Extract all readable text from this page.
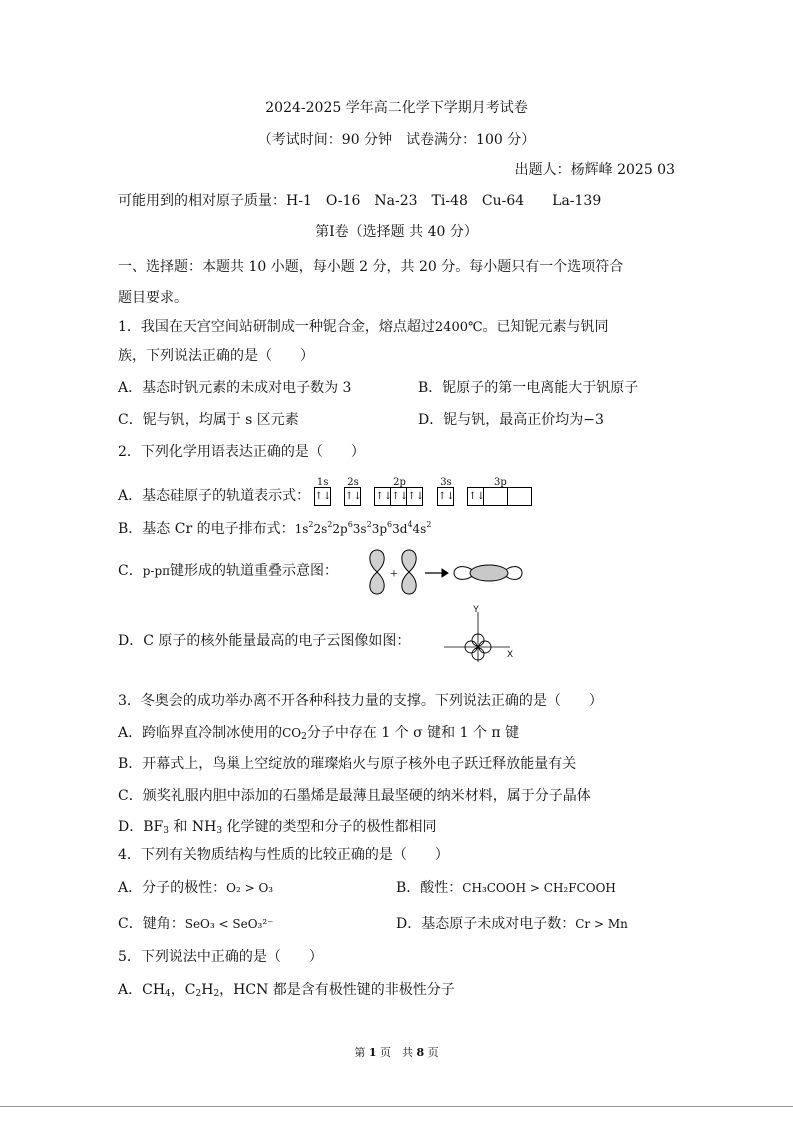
2024-2025 学年高二化学下学期月考试卷
（考试时间：90 分钟　试卷满分：100 分）
出题人：杨辉峰 2025 03
可能用到的相对原子质量：H-1　O-16　Na-23　Ti-48　Cu-64　　La-139
第Ⅰ卷（选择题 共 40 分）
一、选择题：本题共 10 小题，每小题 2 分，共 20 分。每小题只有一个选项符合
题目要求。
1．我国在天宫空间站研制成一种铌合金，熔点超过2400℃。已知铌元素与钒同
族，下列说法正确的是（　　）
A．基态时钒元素的未成对电子数为 3	B．铌原子的第一电离能大于钒原子
C．铌与钒，均属于 s 区元素	D．铌与钒，最高正价均为−3
2．下列化学用语表达正确的是（　　）
A．基态硅原子的轨道表示式：
1s
↑↓
2s
↑↓
2p
↑↓↑↓↑↓
3s
↑↓
3p
↑↓
B．基态 Cr 的电子排布式：$1s^22s^22p^63s^23p^63d^44s^2$
C．p-pπ键形成的轨道重叠示意图：	+
D．C 原子的核外能量最高的电子云图像如图：
Y
X
3．冬奥会的成功举办离不开各种科技力量的支撑。下列说法正确的是（　　）
A．跨临界直冷制冰使用的$CO_2$分子中存在 1 个 σ 键和 1 个 π 键
B．开幕式上，鸟巢上空绽放的璀璨焰火与原子核外电子跃迁释放能量有关
C．颁奖礼服内胆中添加的石墨烯是最薄且最坚硬的纳米材料，属于分子晶体
D．$BF_3$ 和 $NH_3$ 化学键的类型和分子的极性都相同
4．下列有关物质结构与性质的比较正确的是（　　）
A．分子的极性：O₂ > O₃	B．酸性：CH₃COOH > CH₂FCOOH
C．键角：SeO₃ < SeO₃²⁻	D．基态原子未成对电子数：Cr > Mn
5．下列说法中正确的是（　　）
A．$CH_4$，$C_2H_2$，HCN 都是含有极性键的非极性分子
第 1 页　共 8 页
